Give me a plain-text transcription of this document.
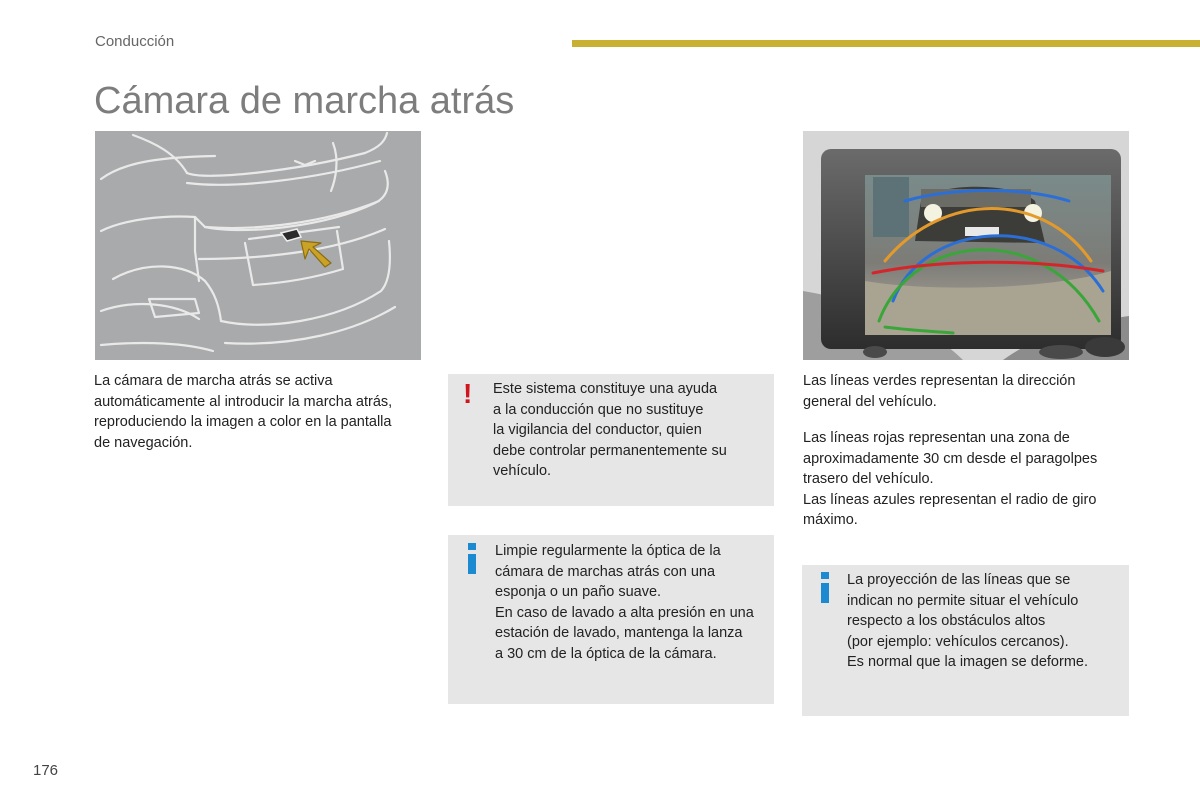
Conducción
Cámara de marcha atrás

La cámara de marcha atrás se activa

automáticamente al introducir la marcha atrás,

reproduciendo la imagen a color en la pantalla

de navegación.

! Este sistema constituye una ayuda

a la conducción que no sustituye

la vigilancia del conductor, quien

debe controlar permanentemente su

vehículo.

Limpie regularmente la óptica de la

cámara de marchas atrás con una

esponja o un paño suave.

En caso de lavado a alta presión en una

estación de lavado, mantenga la lanza

a 30 cm de la óptica de la cámara.

Las líneas verdes representan la dirección

general del vehículo.

Las líneas rojas representan una zona de

aproximadamente 30 cm desde el paragolpes

trasero del vehículo.

Las líneas azules representan el radio de giro

máximo.

La proyección de las líneas que se

indican no permite situar el vehículo

respecto a los obstáculos altos

(por ejemplo: vehículos cercanos).

Es normal que la imagen se deforme.

176
